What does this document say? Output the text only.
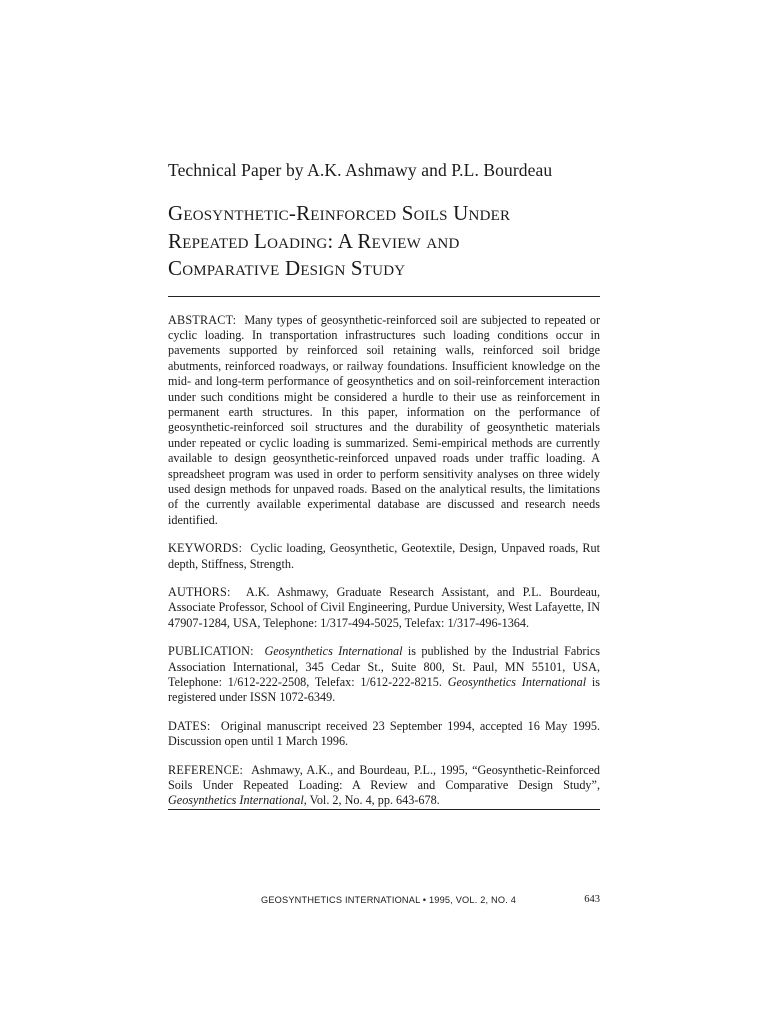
Technical Paper by A.K. Ashmawy and P.L. Bourdeau
Geosynthetic-Reinforced Soils Under
Repeated Loading: A Review and
Comparative Design Study

ABSTRACT: Many types of geosynthetic-reinforced soil are subjected to repeated or cyclic loading. In transportation infrastructures such loading conditions occur in pavements supported by reinforced soil retaining walls, reinforced soil bridge abutments, reinforced roadways, or railway foundations. Insufficient knowledge on the mid- and long-term performance of geosynthetics and on soil-reinforcement interaction under such conditions might be considered a hurdle to their use as reinforcement in permanent earth structures. In this paper, information on the performance of geosynthetic-reinforced soil structures and the durability of geosynthetic materials under repeated or cyclic loading is summarized. Semi-empirical methods are currently available to design geosynthetic-reinforced unpaved roads under traffic loading. A spreadsheet program was used in order to perform sensitivity analyses on three widely used design methods for unpaved roads. Based on the analytical results, the limitations of the currently available experimental database are discussed and research needs identified.

KEYWORDS: Cyclic loading, Geosynthetic, Geotextile, Design, Unpaved roads, Rut depth, Stiffness, Strength.

AUTHORS: A.K. Ashmawy, Graduate Research Assistant, and P.L. Bourdeau, Associate Professor, School of Civil Engineering, Purdue University, West Lafayette, IN 47907-1284, USA, Telephone: 1/317-494-5025, Telefax: 1/317-496-1364.

PUBLICATION: Geosynthetics International is published by the Industrial Fabrics Association International, 345 Cedar St., Suite 800, St. Paul, MN 55101, USA, Telephone: 1/612-222-2508, Telefax: 1/612-222-8215. Geosynthetics International is registered under ISSN 1072-6349.

DATES: Original manuscript received 23 September 1994, accepted 16 May 1995. Discussion open until 1 March 1996.

REFERENCE: Ashmawy, A.K., and Bourdeau, P.L., 1995, “Geosynthetic-Reinforced Soils Under Repeated Loading: A Review and Comparative Design Study”, Geosynthetics International, Vol. 2, No. 4, pp. 643-678.

GEOSYNTHETICS INTERNATIONAL • 1995, VOL. 2, NO. 4	643
